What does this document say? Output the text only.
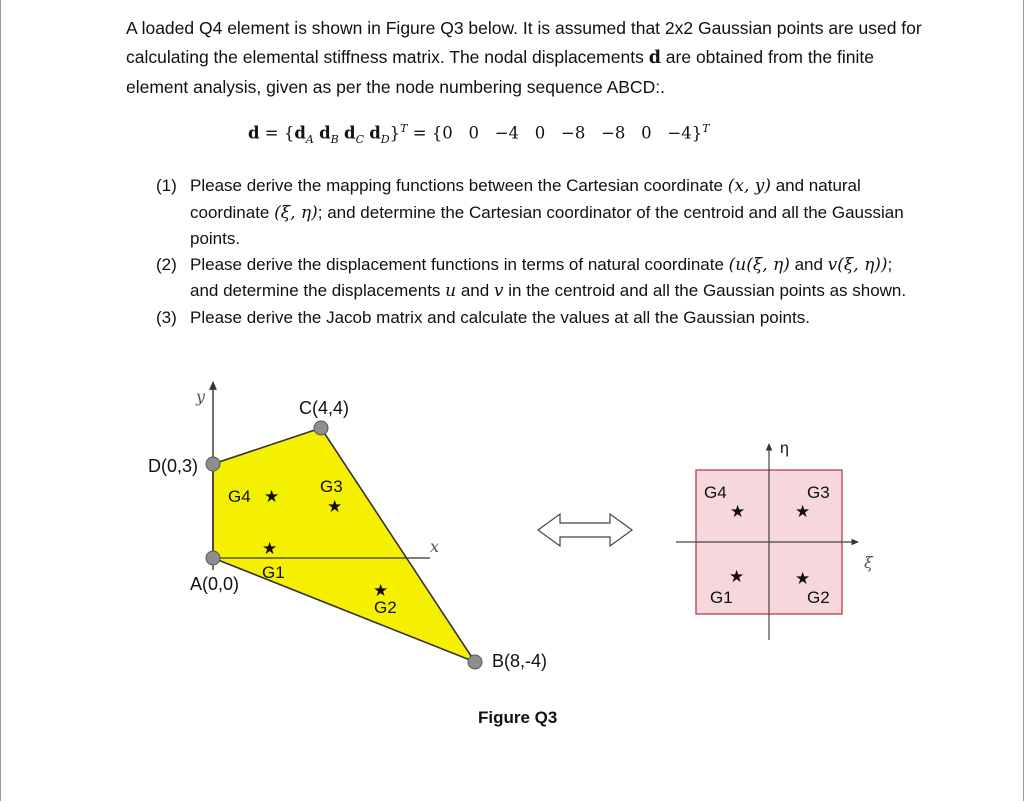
A loaded Q4 element is shown in Figure Q3 below. It is assumed that 2x2 Gaussian points are used for calculating the elemental stiffness matrix. The nodal displacements d are obtained from the finite element analysis, given as per the node numbering sequence ABCD:.
$d = \{d_A$ $d_B$ $d_C$ $d_D\}^T = \{0$   0   −4   0   −8   −8   0   −4}$^T$
(1) Please derive the mapping functions between the Cartesian coordinate (x, y) and natural coordinate (ξ, η); and determine the Cartesian coordinator of the centroid and all the Gaussian points.
(2) Please derive the displacement functions in terms of natural coordinate (u(ξ, η) and v(ξ, η)); and determine the displacements u and v in the centroid and all the Gaussian points as shown.
(3) Please derive the Jacob matrix and calculate the values at all the Gaussian points.
y
x
A(0,0)
B(8,-4)
C(4,4)
D(0,3)
G4 ★
G3
★
★
G1
★
G2
η
ξ
G4
★
G3
★
★
G1
★
G2
Figure Q3
